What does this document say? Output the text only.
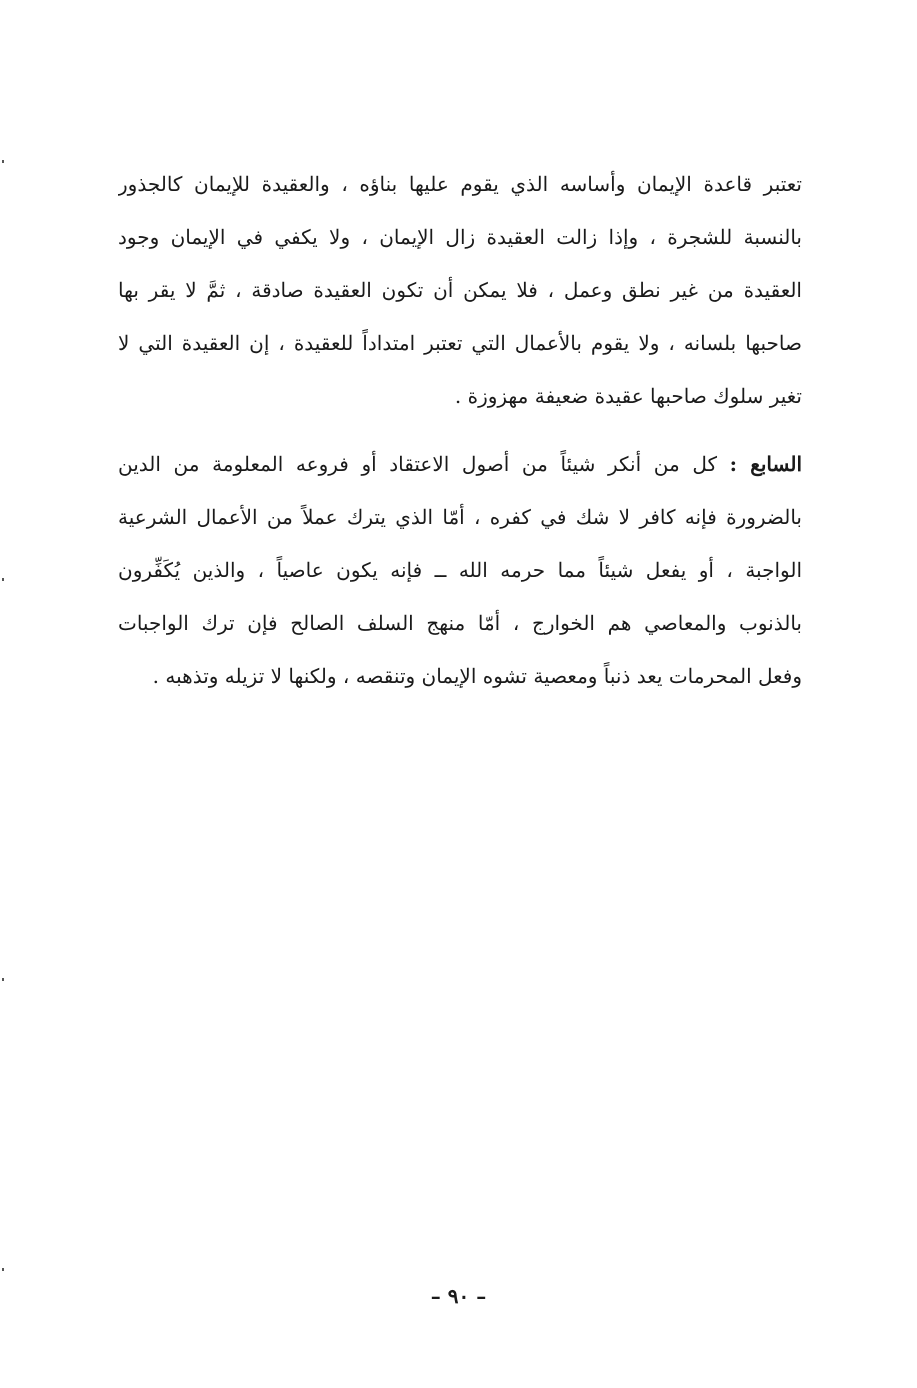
تعتبر قاعدة الإيمان وأساسه الذي يقوم عليها بناؤه ، والعقيدة للإيمان كالجذور
بالنسبة للشجرة ، وإذا زالت العقيدة زال الإيمان ، ولا يكفي في الإيمان وجود
العقيدة من غير نطق وعمل ، فلا يمكن أن تكون العقيدة صادقة ، ثمَّ لا يقر بها
صاحبها بلسانه ، ولا يقوم بالأعمال التي تعتبر امتداداً للعقيدة ، إن العقيدة التي لا
تغير سلوك صاحبها عقيدة ضعيفة مهزوزة .
السابع : كل من أنكر شيئاً من أصول الاعتقاد أو فروعه المعلومة من الدين
بالضرورة فإنه كافر لا شك في كفره ، أمّا الذي يترك عملاً من الأعمال الشرعية
الواجبة ، أو يفعل شيئاً مما حرمه الله ــ فإنه يكون عاصياً ، والذين يُكَفِّرون
بالذنوب والمعاصي هم الخوارج ، أمّا منهج السلف الصالح فإن ترك الواجبات
وفعل المحرمات يعد ذنباً ومعصية تشوه الإيمان وتنقصه ، ولكنها لا تزيله وتذهبه .
– ٩٠ –
